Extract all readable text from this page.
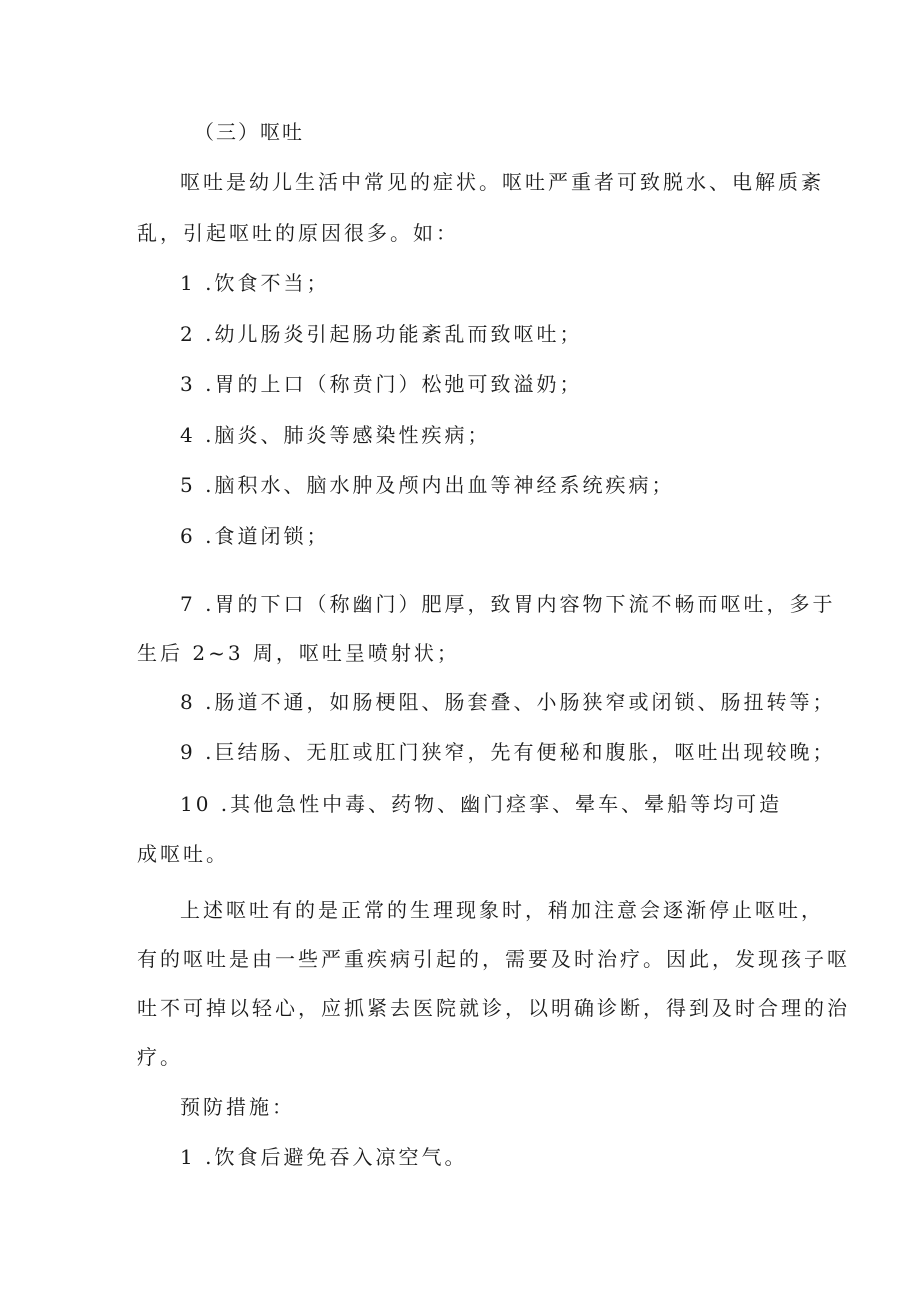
（三）呕吐
呕吐是幼儿生活中常见的症状。呕吐严重者可致脱水、电解质紊
乱，引起呕吐的原因很多。如：
1 .饮食不当；
2 .幼儿肠炎引起肠功能紊乱而致呕吐；
3 .胃的上口（称贲门）松弛可致溢奶；
4 .脑炎、肺炎等感染性疾病；
5 .脑积水、脑水肿及颅内出血等神经系统疾病；
6 .食道闭锁；
7 .胃的下口（称幽门）肥厚，致胃内容物下流不畅而呕吐，多于
生后 2~3 周，呕吐呈喷射状；
8 .肠道不通，如肠梗阻、肠套叠、小肠狭窄或闭锁、肠扭转等；
9 .巨结肠、无肛或肛门狭窄，先有便秘和腹胀，呕吐出现较晚；
10 .其他急性中毒、药物、幽门痉挛、晕车、晕船等均可造
成呕吐。
上述呕吐有的是正常的生理现象时，稍加注意会逐渐停止呕吐，
有的呕吐是由一些严重疾病引起的，需要及时治疗。因此，发现孩子呕
吐不可掉以轻心，应抓紧去医院就诊，以明确诊断，得到及时合理的治
疗。
预防措施：
1 .饮食后避免吞入凉空气。
